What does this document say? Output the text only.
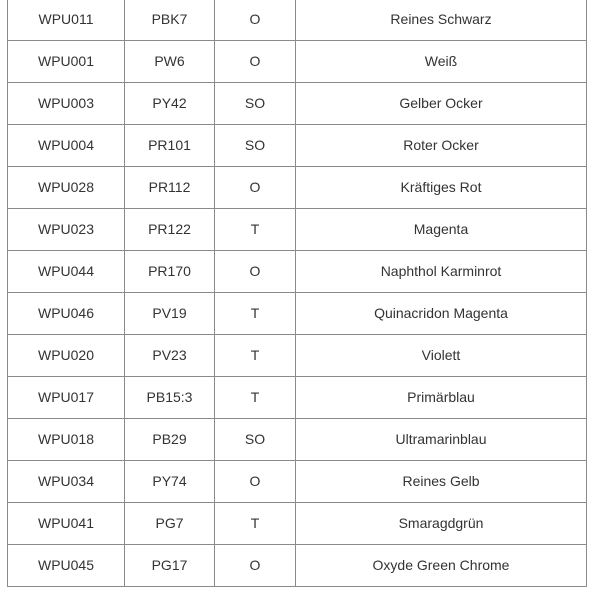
WPU011	PBK7	O	Reines Schwarz

WPU001	PW6	O	Weiß

WPU003	PY42	SO	Gelber Ocker

WPU004	PR101	SO	Roter Ocker

WPU028	PR112	O	Kräftiges Rot

WPU023	PR122	T	Magenta

WPU044	PR170	O	Naphthol Karminrot

WPU046	PV19	T	Quinacridon Magenta

WPU020	PV23	T	Violett

WPU017	PB15:3	T	Primärblau

WPU018	PB29	SO	Ultramarinblau

WPU034	PY74	O	Reines Gelb

WPU041	PG7	T	Smaragdgrün

WPU045	PG17	O	Oxyde Green Chrome
